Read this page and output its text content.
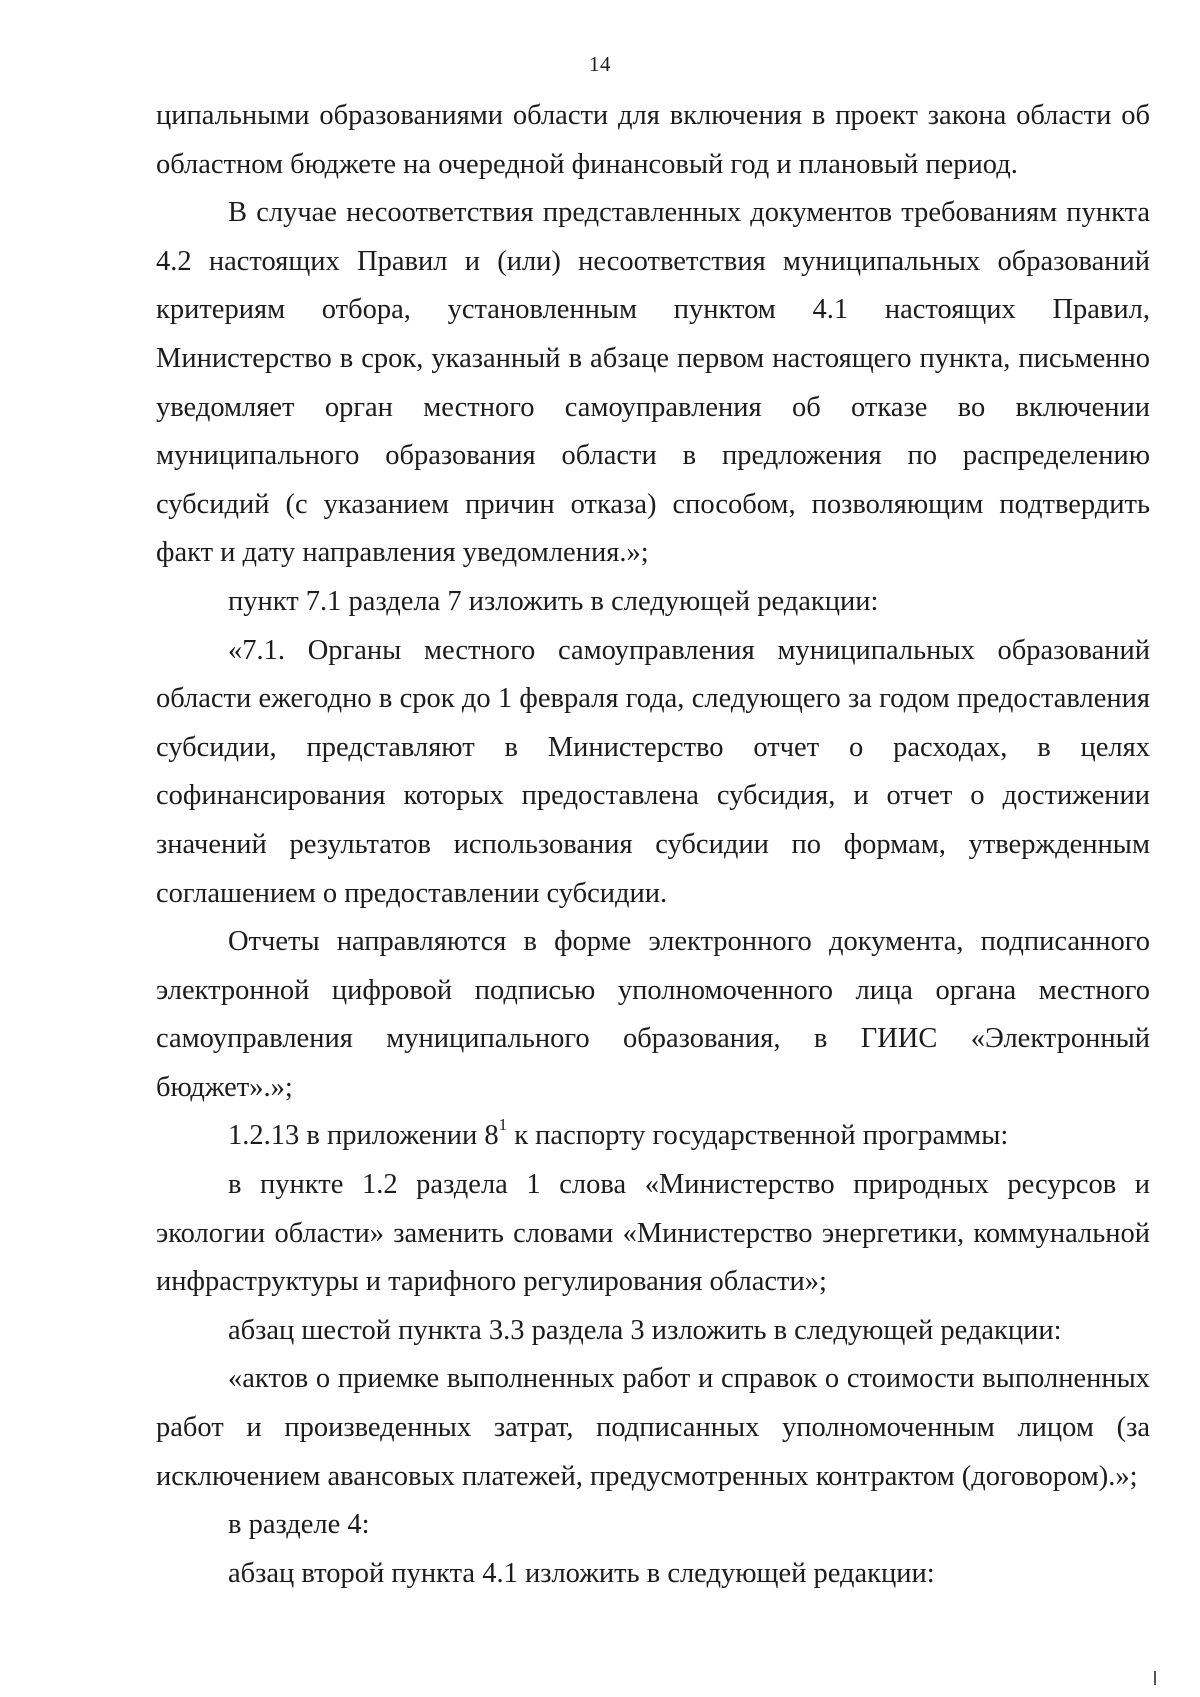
14

ципальными образованиями области для включения в проект закона области об областном бюджете на очередной финансовый год и плановый период.

В случае несоответствия представленных документов требованиям пункта 4.2 настоящих Правил и (или) несоответствия муниципальных образований критериям отбора, установленным пунктом 4.1 настоящих Правил, Министерство в срок, указанный в абзаце первом настоящего пункта, письменно уведомляет орган местного самоуправления об отказе во включении муниципального образования области в предложения по распределению субсидий (с указанием причин отказа) способом, позволяющим подтвердить факт и дату направления уведомления.»;

пункт 7.1 раздела 7 изложить в следующей редакции:

«7.1. Органы местного самоуправления муниципальных образований области ежегодно в срок до 1 февраля года, следующего за годом предоставления субсидии, представляют в Министерство отчет о расходах, в целях софинансирования которых предоставлена субсидия, и отчет о достижении значений результатов использования субсидии по формам, утвержденным соглашением о предоставлении субсидии.

Отчеты направляются в форме электронного документа, подписанного электронной цифровой подписью уполномоченного лица органа местного самоуправления муниципального образования, в ГИИС «Электронный бюджет».»;

1.2.13 в приложении $8^1$ к паспорту государственной программы:

в пункте 1.2 раздела 1 слова «Министерство природных ресурсов и экологии области» заменить словами «Министерство энергетики, коммунальной инфраструктуры и тарифного регулирования области»;

абзац шестой пункта 3.3 раздела 3 изложить в следующей редакции:

«актов о приемке выполненных работ и справок о стоимости выполненных работ и произведенных затрат, подписанных уполномоченным лицом (за исключением авансовых платежей, предусмотренных контрактом (договором).»;

в разделе 4:

абзац второй пункта 4.1 изложить в следующей редакции:
